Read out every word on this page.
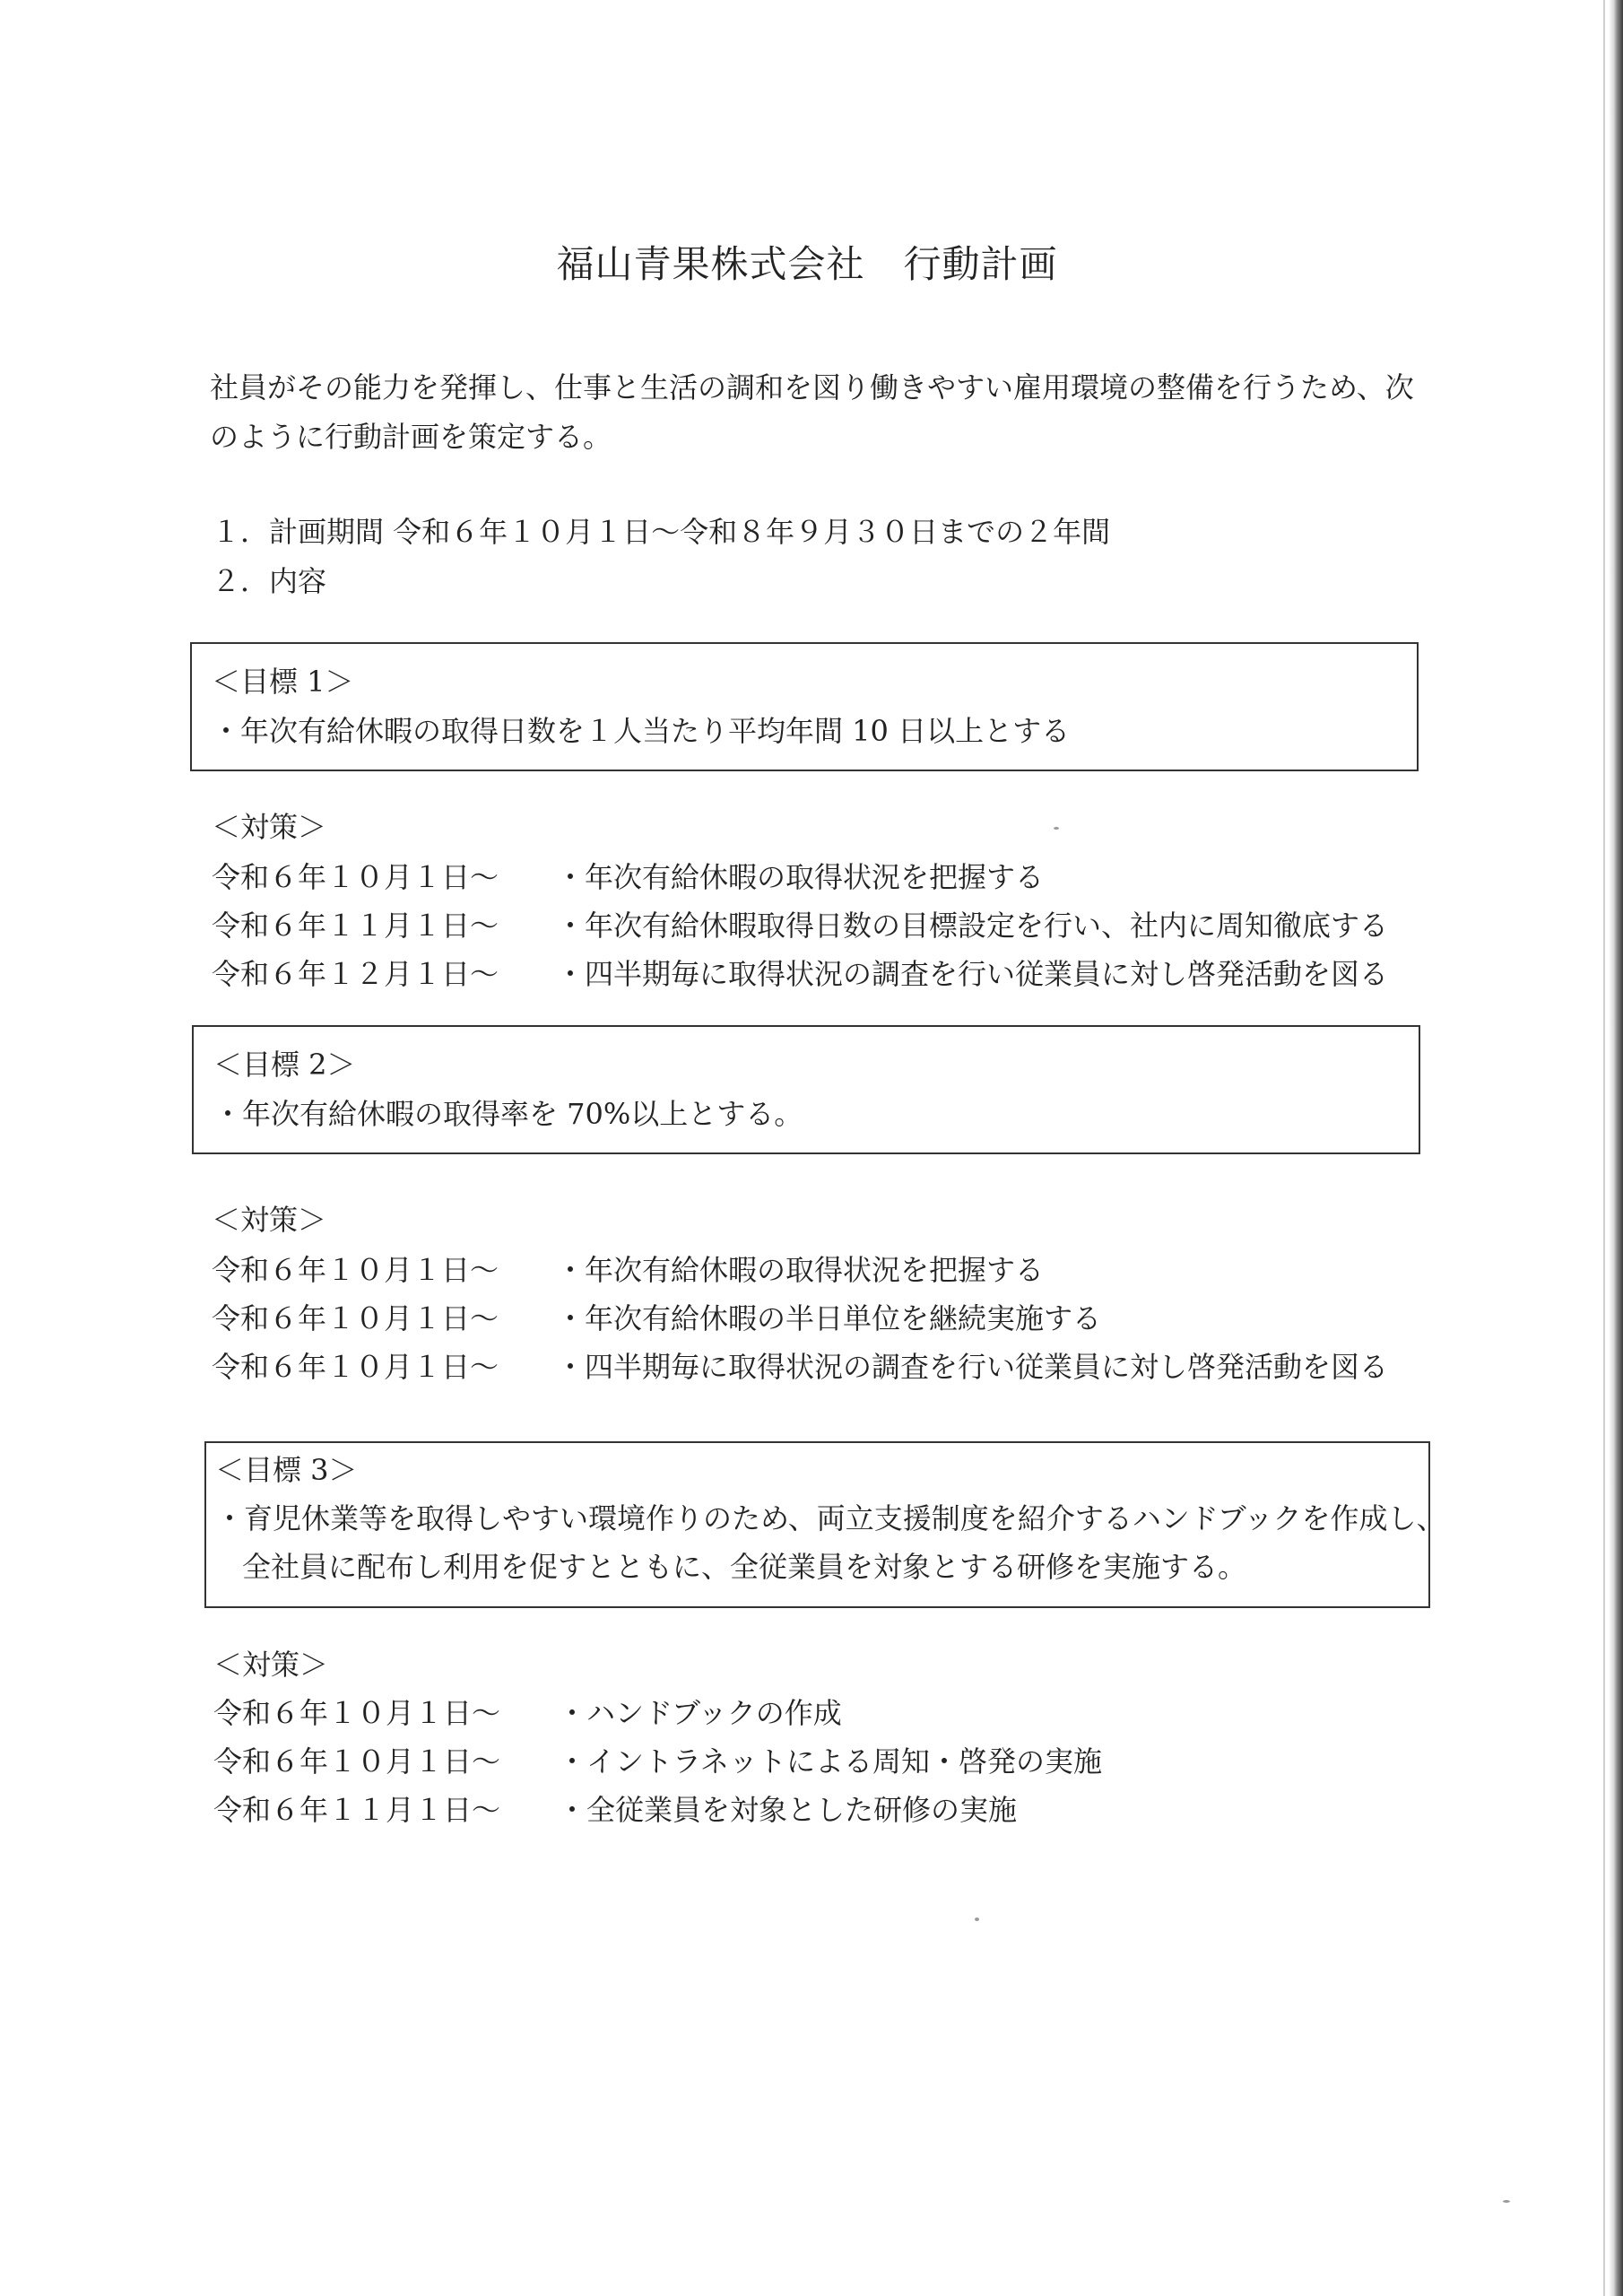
福山青果株式会社　行動計画
社員がその能力を発揮し、仕事と生活の調和を図り働きやすい雇用環境の整備を行うため、次
のように行動計画を策定する。
１．計画期間 令和６年１０月１日～令和８年９月３０日までの２年間
２．内容
＜目標 1＞
・年次有給休暇の取得日数を１人当たり平均年間 10 日以上とする
＜対策＞

令和６年１０月１日～

・年次有給休暇の取得状況を把握する

令和６年１１月１日～

・年次有給休暇取得日数の目標設定を行い、社内に周知徹底する

令和６年１２月１日～

・四半期毎に取得状況の調査を行い従業員に対し啓発活動を図る

＜目標 2＞
・年次有給休暇の取得率を 70%以上とする。
＜対策＞

令和６年１０月１日～

・年次有給休暇の取得状況を把握する

令和６年１０月１日～

・年次有給休暇の半日単位を継続実施する

令和６年１０月１日～

・四半期毎に取得状況の調査を行い従業員に対し啓発活動を図る

＜目標 3＞
・育児休業等を取得しやすい環境作りのため、両立支援制度を紹介するハンドブックを作成し、
全社員に配布し利用を促すとともに、全従業員を対象とする研修を実施する。
＜対策＞

令和６年１０月１日～

・ハンドブックの作成

令和６年１０月１日～

・イントラネットによる周知・啓発の実施

令和６年１１月１日～

・全従業員を対象とした研修の実施
